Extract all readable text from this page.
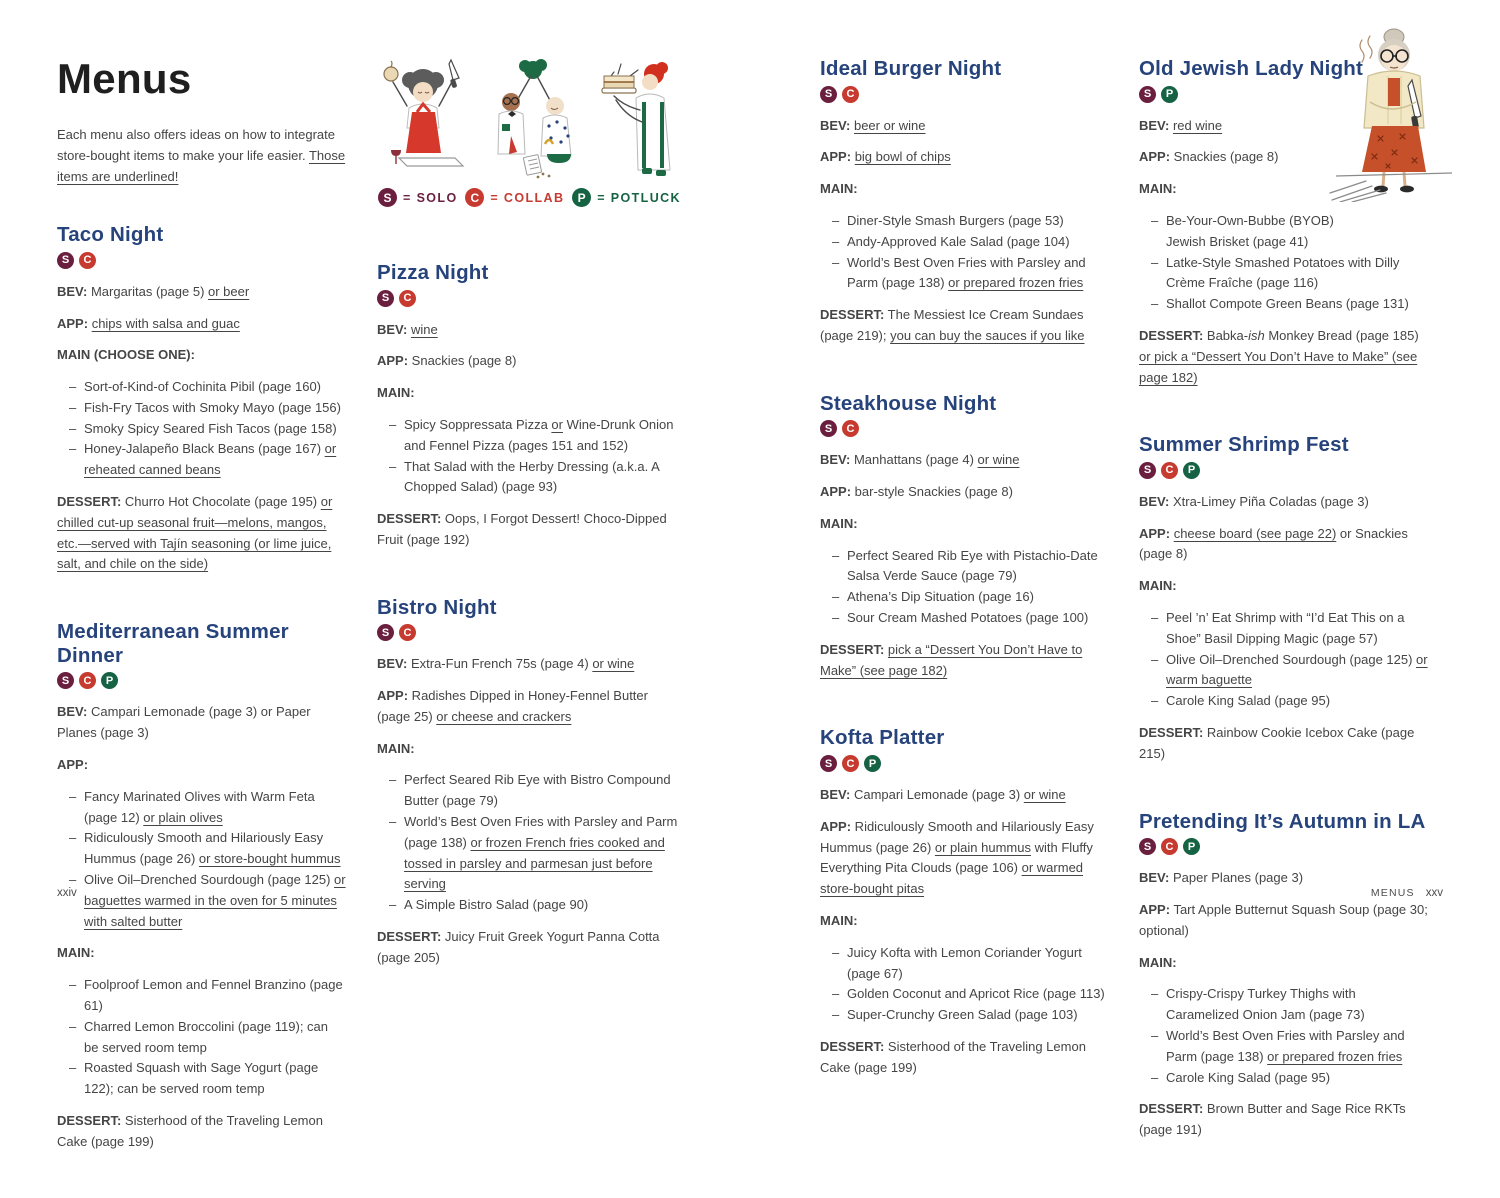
Menus

Each menu also offers ideas on how to integrate store-bought items to make your life easier. Those items are underlined!

Taco Night
S	C

BEV: Margaritas (page 5) or beer

APP: chips with salsa and guac

MAIN (CHOOSE ONE):

– Sort-of-Kind-of Cochinita Pibil (page 160)
– Fish-Fry Tacos with Smoky Mayo (page 156)
– Smoky Spicy Seared Fish Tacos (page 158)
– Honey-Jalapeño Black Beans (page 167) or reheated canned beans

DESSERT: Churro Hot Chocolate (page 195) or chilled cut-up seasonal fruit—melons, mangos, etc.—served with Tajín seasoning (or lime juice, salt, and chile on the side)

Mediterranean Summer Dinner
S	C	P

BEV: Campari Lemonade (page 3) or Paper Planes (page 3)

APP:

– Fancy Marinated Olives with Warm Feta (page 12) or plain olives
– Ridiculously Smooth and Hilariously Easy Hummus (page 26) or store-bought hummus
– Olive Oil–Drenched Sourdough (page 125) or baguettes warmed in the oven for 5 minutes with salted butter

MAIN:

– Foolproof Lemon and Fennel Branzino (page 61)
– Charred Lemon Broccolini (page 119); can be served room temp
– Roasted Squash with Sage Yogurt (page 122); can be served room temp

DESSERT: Sisterhood of the Traveling Lemon Cake (page 199)

S = SOLO	C = COLLAB	P = POTLUCK
Pizza Night
S	C

BEV: wine

APP: Snackies (page 8)

MAIN:

– Spicy Soppressata Pizza or Wine-Drunk Onion and Fennel Pizza (pages 151 and 152)
– That Salad with the Herby Dressing (a.k.a. A Chopped Salad) (page 93)

DESSERT: Oops, I Forgot Dessert! Choco-Dipped Fruit (page 192)

Bistro Night
S	C

BEV: Extra-Fun French 75s (page 4) or wine

APP: Radishes Dipped in Honey-Fennel Butter (page 25) or cheese and crackers

MAIN:

– Perfect Seared Rib Eye with Bistro Compound Butter (page 79)
– World’s Best Oven Fries with Parsley and Parm (page 138) or frozen French fries cooked and tossed in parsley and parmesan just before serving
– A Simple Bistro Salad (page 90)

DESSERT: Juicy Fruit Greek Yogurt Panna Cotta (page 205)

Ideal Burger Night
S	C

BEV: beer or wine

APP: big bowl of chips

MAIN:

– Diner-Style Smash Burgers (page 53)
– Andy-Approved Kale Salad (page 104)
– World’s Best Oven Fries with Parsley and Parm (page 138) or prepared frozen fries

DESSERT: The Messiest Ice Cream Sundaes (page 219); you can buy the sauces if you like

Steakhouse Night
S	C

BEV: Manhattans (page 4) or wine

APP: bar-style Snackies (page 8)

MAIN:

– Perfect Seared Rib Eye with Pistachio-Date Salsa Verde Sauce (page 79)
– Athena’s Dip Situation (page 16)
– Sour Cream Mashed Potatoes (page 100)

DESSERT: pick a “Dessert You Don’t Have to Make” (see page 182)

Kofta Platter
S	C	P

BEV: Campari Lemonade (page 3) or wine

APP: Ridiculously Smooth and Hilariously Easy Hummus (page 26) or plain hummus with Fluffy Everything Pita Clouds (page 106) or warmed store-bought pitas

MAIN:

– Juicy Kofta with Lemon Coriander Yogurt (page 67)
– Golden Coconut and Apricot Rice (page 113)
– Super-Crunchy Green Salad (page 103)

DESSERT: Sisterhood of the Traveling Lemon Cake (page 199)

Old Jewish Lady Night
S	P

BEV: red wine

APP: Snackies (page 8)

MAIN:

– Be-Your-Own-Bubbe (BYOB)
Jewish Brisket (page 41)
– Latke-Style Smashed Potatoes with Dilly Crème Fraîche (page 116)
– Shallot Compote Green Beans (page 131)

DESSERT: Babka-ish Monkey Bread (page 185) or pick a “Dessert You Don’t Have to Make” (see page 182)

Summer Shrimp Fest
S	C	P

BEV: Xtra-Limey Piña Coladas (page 3)

APP: cheese board (see page 22) or Snackies (page 8)

MAIN:

– Peel ’n’ Eat Shrimp with “I’d Eat This on a Shoe” Basil Dipping Magic (page 57)
– Olive Oil–Drenched Sourdough (page 125) or warm baguette
– Carole King Salad (page 95)

DESSERT: Rainbow Cookie Icebox Cake (page 215)

Pretending It’s Autumn in LA
S	C	P

BEV: Paper Planes (page 3)

APP: Tart Apple Butternut Squash Soup (page 30; optional)

MAIN:

– Crispy-Crispy Turkey Thighs with Caramelized Onion Jam (page 73)
– World’s Best Oven Fries with Parsley and Parm (page 138) or prepared frozen fries
– Carole King Salad (page 95)

DESSERT: Brown Butter and Sage Rice RKTs (page 191)

xxiv	MENUS xxv
